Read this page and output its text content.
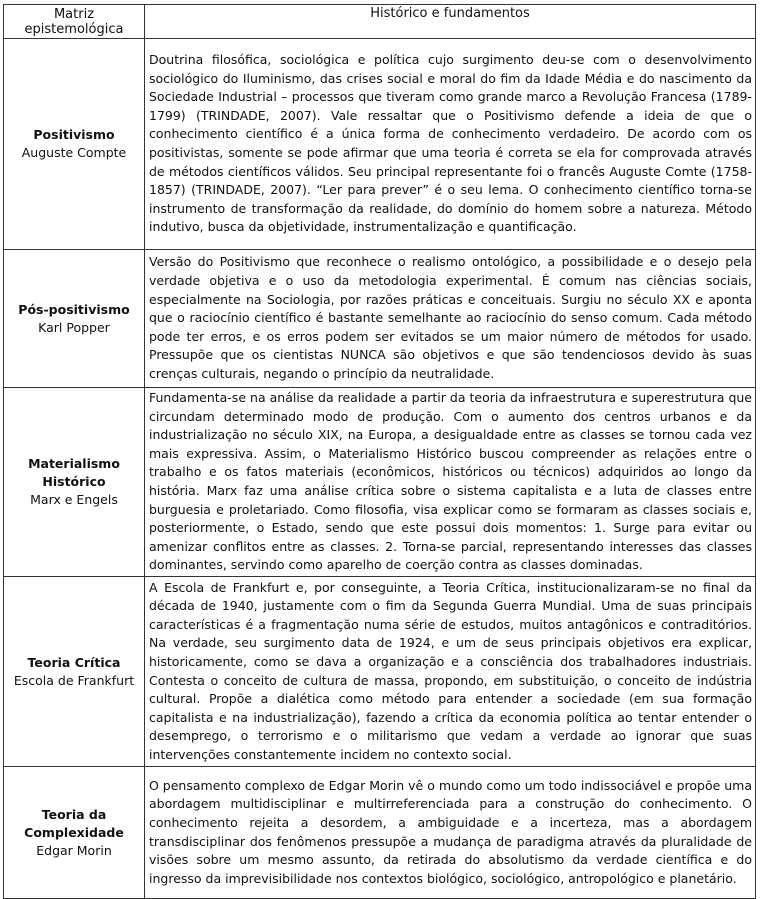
Matriz epistemológica	Histórico e fundamentos

Positivismo
Auguste Compte	Doutrina filosófica, sociológica e política cujo surgimento deu-se com o desenvolvimento sociológico do Iluminismo, das crises social e moral do fim da Idade Média e do nascimento da Sociedade Industrial – processos que tiveram como grande marco a Revolução Francesa (1789-1799) (TRINDADE, 2007). Vale ressaltar que o Positivismo defende a ideia de que o conhecimento científico é a única forma de conhecimento verdadeiro. De acordo com os positivistas, somente se pode afirmar que uma teoria é correta se ela for comprovada através de métodos científicos válidos. Seu principal representante foi o francês Auguste Comte (1758-1857) (TRINDADE, 2007). “Ler para prever” é o seu lema. O conhecimento científico torna-se instrumento de transformação da realidade, do domínio do homem sobre a natureza. Método indutivo, busca da objetividade, instrumentalização e quantificação.

Pós-positivismo
Karl Popper	Versão do Positivismo que reconhece o realismo ontológico, a possibilidade e o desejo pela verdade objetiva e o uso da metodologia experimental. É comum nas ciências sociais, especialmente na Sociologia, por razões práticas e conceituais. Surgiu no século XX e aponta que o raciocínio científico é bastante semelhante ao raciocínio do senso comum. Cada método pode ter erros, e os erros podem ser evitados se um maior número de métodos for usado. Pressupõe que os cientistas NUNCA são objetivos e que são tendenciosos devido às suas crenças culturais, negando o princípio da neutralidade.

Materialismo Histórico
Marx e Engels	Fundamenta-se na análise da realidade a partir da teoria da infraestrutura e superestrutura que circundam determinado modo de produção. Com o aumento dos centros urbanos e da industrialização no século XIX, na Europa, a desigualdade entre as classes se tornou cada vez mais expressiva. Assim, o Materialismo Histórico buscou compreender as relações entre o trabalho e os fatos materiais (econômicos, históricos ou técnicos) adquiridos ao longo da história. Marx faz uma análise crítica sobre o sistema capitalista e a luta de classes entre burguesia e proletariado. Como filosofia, visa explicar como se formaram as classes sociais e, posteriormente, o Estado, sendo que este possui dois momentos: 1. Surge para evitar ou amenizar conflitos entre as classes. 2. Torna-se parcial, representando interesses das classes dominantes, servindo como aparelho de coerção contra as classes dominadas.

Teoria Crítica
Escola de Frankfurt	A Escola de Frankfurt e, por conseguinte, a Teoria Crítica, institucionalizaram-se no final da década de 1940, justamente com o fim da Segunda Guerra Mundial. Uma de suas principais características é a fragmentação numa série de estudos, muitos antagônicos e contraditórios. Na verdade, seu surgimento data de 1924, e um de seus principais objetivos era explicar, historicamente, como se dava a organização e a consciência dos trabalhadores industriais. Contesta o conceito de cultura de massa, propondo, em substituição, o conceito de indústria cultural. Propõe a dialética como método para entender a sociedade (em sua formação capitalista e na industrialização), fazendo a crítica da economia política ao tentar entender o desemprego, o terrorismo e o militarismo que vedam a verdade ao ignorar que suas intervenções constantemente incidem no contexto social.

Teoria da Complexidade
Edgar Morin	O pensamento complexo de Edgar Morin vê o mundo como um todo indissociável e propõe uma abordagem multidisciplinar e multirreferenciada para a construção do conhecimento. O conhecimento rejeita a desordem, a ambiguidade e a incerteza, mas a abordagem transdisciplinar dos fenômenos pressupõe a mudança de paradigma através da pluralidade de visões sobre um mesmo assunto, da retirada do absolutismo da verdade científica e do ingresso da imprevisibilidade nos contextos biológico, sociológico, antropológico e planetário.
